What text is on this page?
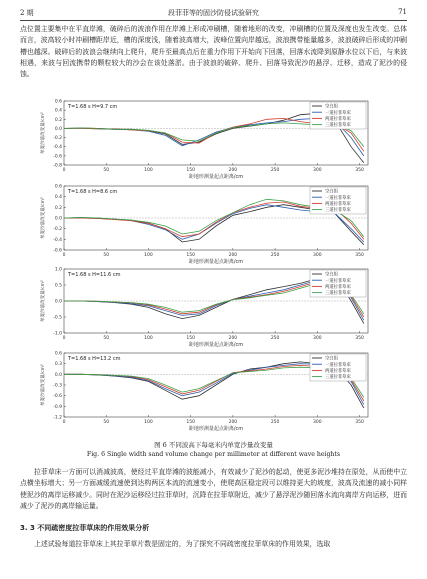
2 期	段菲菲等的固沙防侵试验研究	71
点位置主要集中在平直岸滩，破碎后的波浪作用在岸滩上形成冲刷槽，随着地形的改变，冲刷槽的位置及深度也发生改变。总体而言，波高较小时冲刷槽距岸近，槽的深度浅，随着波高增大，波峰位置向岸越远，波浪携带能量越多，波浪破碎后形成的冲刷槽也越深。破碎后的波浪会继续向上爬升，爬升至最高点后在重力作用下开始向下回落，回落水流降到原静水位以下后，与来波相遇，来波与回流携带的颗粒较大的沙会在该处落淤。由于波浪的破碎、爬升、回落导致泥沙的悬浮、迁移，造成了泥沙的侵蚀。
0	50	100	150	200	250	300	350
-0.8
-0.6
-0.4
-0.2
0.0
0.2
0.4
0.6
距地形测量起点距离/cm
单宽沙量改变量/cm²
T=1.68 s H=9.7 cm	空白组
一道拉菲草床
两道拉菲草床
三道拉菲草床
0	50	100	150	200	250	300	350
-0.6
-0.4
-0.2
0.0
0.2
0.4
0.6
距地形测量起点距离/cm
单宽沙量改变量/cm²
T=1.68 s H=8.6 cm	空白组
一道拉菲草床
两道拉菲草床
三道拉菲草床
0	50	100	150	200	250	300	350
-1.0
-0.5
0.0
0.5
1.0
距地形测量起点距离/cm
单宽沙量改变量/cm²
T=1.68 s H=11.6 cm	空白组
一道拉菲草床
两道拉菲草床
三道拉菲草床
0	50	100	150	200	250	300	350
-1.2
-0.9
-0.6
-0.3
0.0
0.3
0.6
距地形测量起点距离/cm
单宽沙量改变量/cm²
T=1.68 s H=13.2 cm	空白组
一道拉菲草床
两道拉菲草床
三道拉菲草床
图 6 不同波高下每毫米内单宽沙量改变量
Fig. 6 Single width sand volume change per millimeter at different wave heights
拉菲草床一方面可以消减波高，使经过平直岸滩的波能减小，有效减少了泥沙的起动，使更多泥沙堆持在原处，从而使中立点横坐标增大；另一方面减缓流速使到达构两区本流的流速变小，使爬高区稳定段可以维持更大的坡度，波高及流速的减小同样使泥沙的离岸运移减少。同时在泥沙运移经过拉菲草时，沉降在拉菲草附近，减少了悬浮泥沙随回落水流向离岸方向运移，进而减少了泥沙的离岸输运量。
3. 3 不同疏密度拉菲草床的作用效果分析
上述试验每道拉菲草床上其拉菲草片数是固定的，为了探究不同疏密度拉菲草床的作用效果，选取
